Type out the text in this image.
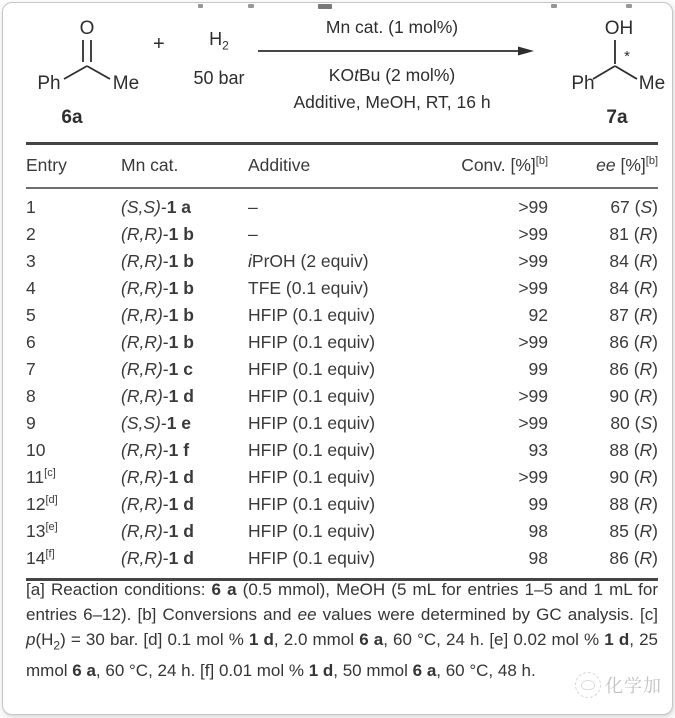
O
Ph	Me
6a
+	$H_2$
50 bar
Mn cat. (1 mol%)
KOtBu (2 mol%)
Additive, MeOH, RT, 16 h
OH
*
Ph Me
7a
Entry	Mn cat.	Additive	Conv. [%][b]	ee [%][b]
1	(S,S)-1 a	–	>99	67 (S)
2	(R,R)-1 b	–	>99	81 (R)
3	(R,R)-1 b	iPrOH (2 equiv)	>99	84 (R)
4	(R,R)-1 b	TFE (0.1 equiv)	>99	84 (R)
5	(R,R)-1 b	HFIP (0.1 equiv)	92	87 (R)
6	(R,R)-1 b	HFIP (0.1 equiv)	>99	86 (R)
7	(R,R)-1 c	HFIP (0.1 equiv)	99	86 (R)
8	(R,R)-1 d	HFIP (0.1 equiv)	>99	90 (R)
9	(S,S)-1 e	HFIP (0.1 equiv)	>99	80 (S)
10	(R,R)-1 f	HFIP (0.1 equiv)	93	88 (R)
11[c]	(R,R)-1 d	HFIP (0.1 equiv)	>99	90 (R)
12[d]	(R,R)-1 d	HFIP (0.1 equiv)	99	88 (R)
13[e]	(R,R)-1 d	HFIP (0.1 equiv)	98	85 (R)
14[f]	(R,R)-1 d	HFIP (0.1 equiv)	98	86 (R)

[a] Reaction conditions: 6 a (0.5 mmol), MeOH (5 mL for entries 1–5 and 1 mL for entries 6–12). [b] Conversions and ee values were determined by GC analysis. [c] $p(H_2) = 30$ bar. [d] 0.1 mol % 1 d, 2.0 mmol 6 a, 60 °C, 24 h. [e] 0.02 mol % 1 d, 25 mmol 6 a, 60 °C, 24 h. [f] 0.01 mol % 1 d, 50 mmol 6 a, 60 °C, 48 h.

化学加
